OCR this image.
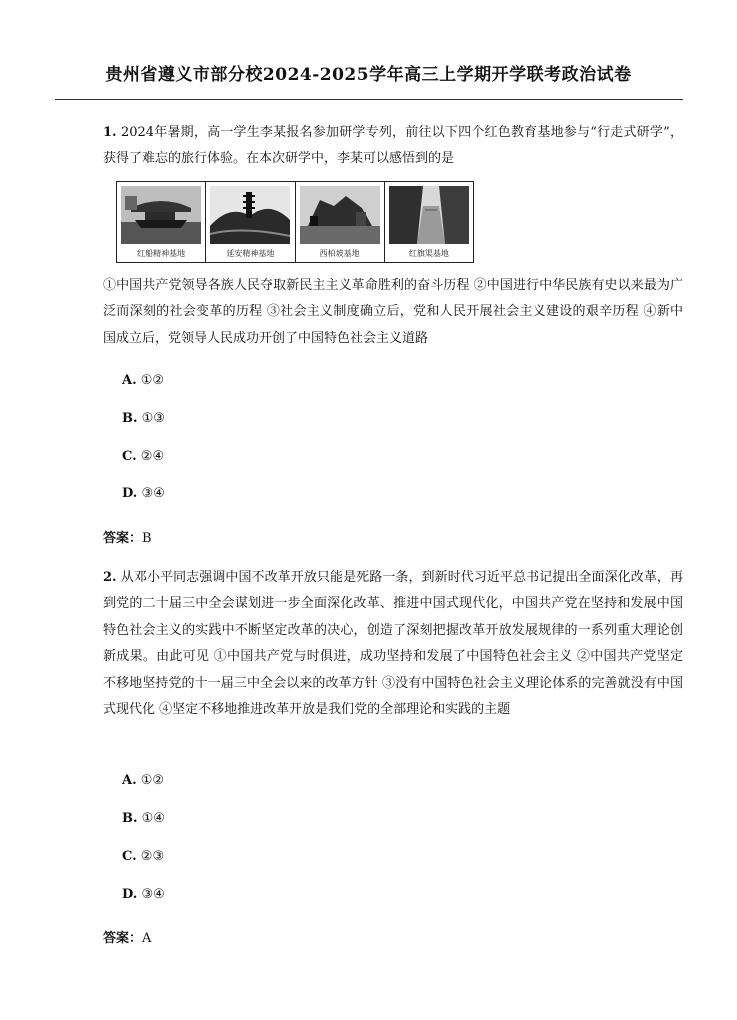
贵州省遵义市部分校2024-2025学年高三上学期开学联考政治试卷
1. 2024年暑期，高一学生李某报名参加研学专列，前往以下四个红色教育基地参与“行走式研学”，获得了难忘的旅行体验。在本次研学中，李某可以感悟到的是
红船精神基地	延安精神基地	西柏坡基地	红旗渠基地
①中国共产党领导各族人民夺取新民主主义革命胜利的奋斗历程 ②中国进行中华民族有史以来最为广泛而深刻的社会变革的历程 ③社会主义制度确立后，党和人民开展社会主义建设的艰辛历程 ④新中国成立后，党领导人民成功开创了中国特色社会主义道路
A. ①②
B. ①③
C. ②④
D. ③④
答案：B
2. 从邓小平同志强调中国不改革开放只能是死路一条，到新时代习近平总书记提出全面深化改革，再到党的二十届三中全会谋划进一步全面深化改革、推进中国式现代化，中国共产党在坚持和发展中国特色社会主义的实践中不断坚定改革的决心，创造了深刻把握改革开放发展规律的一系列重大理论创新成果。由此可见 ①中国共产党与时俱进，成功坚持和发展了中国特色社会主义 ②中国共产党坚定不移地坚持党的十一届三中全会以来的改革方针 ③没有中国特色社会主义理论体系的完善就没有中国式现代化 ④坚定不移地推进改革开放是我们党的全部理论和实践的主题
A. ①②
B. ①④
C. ②③
D. ③④
答案：A
